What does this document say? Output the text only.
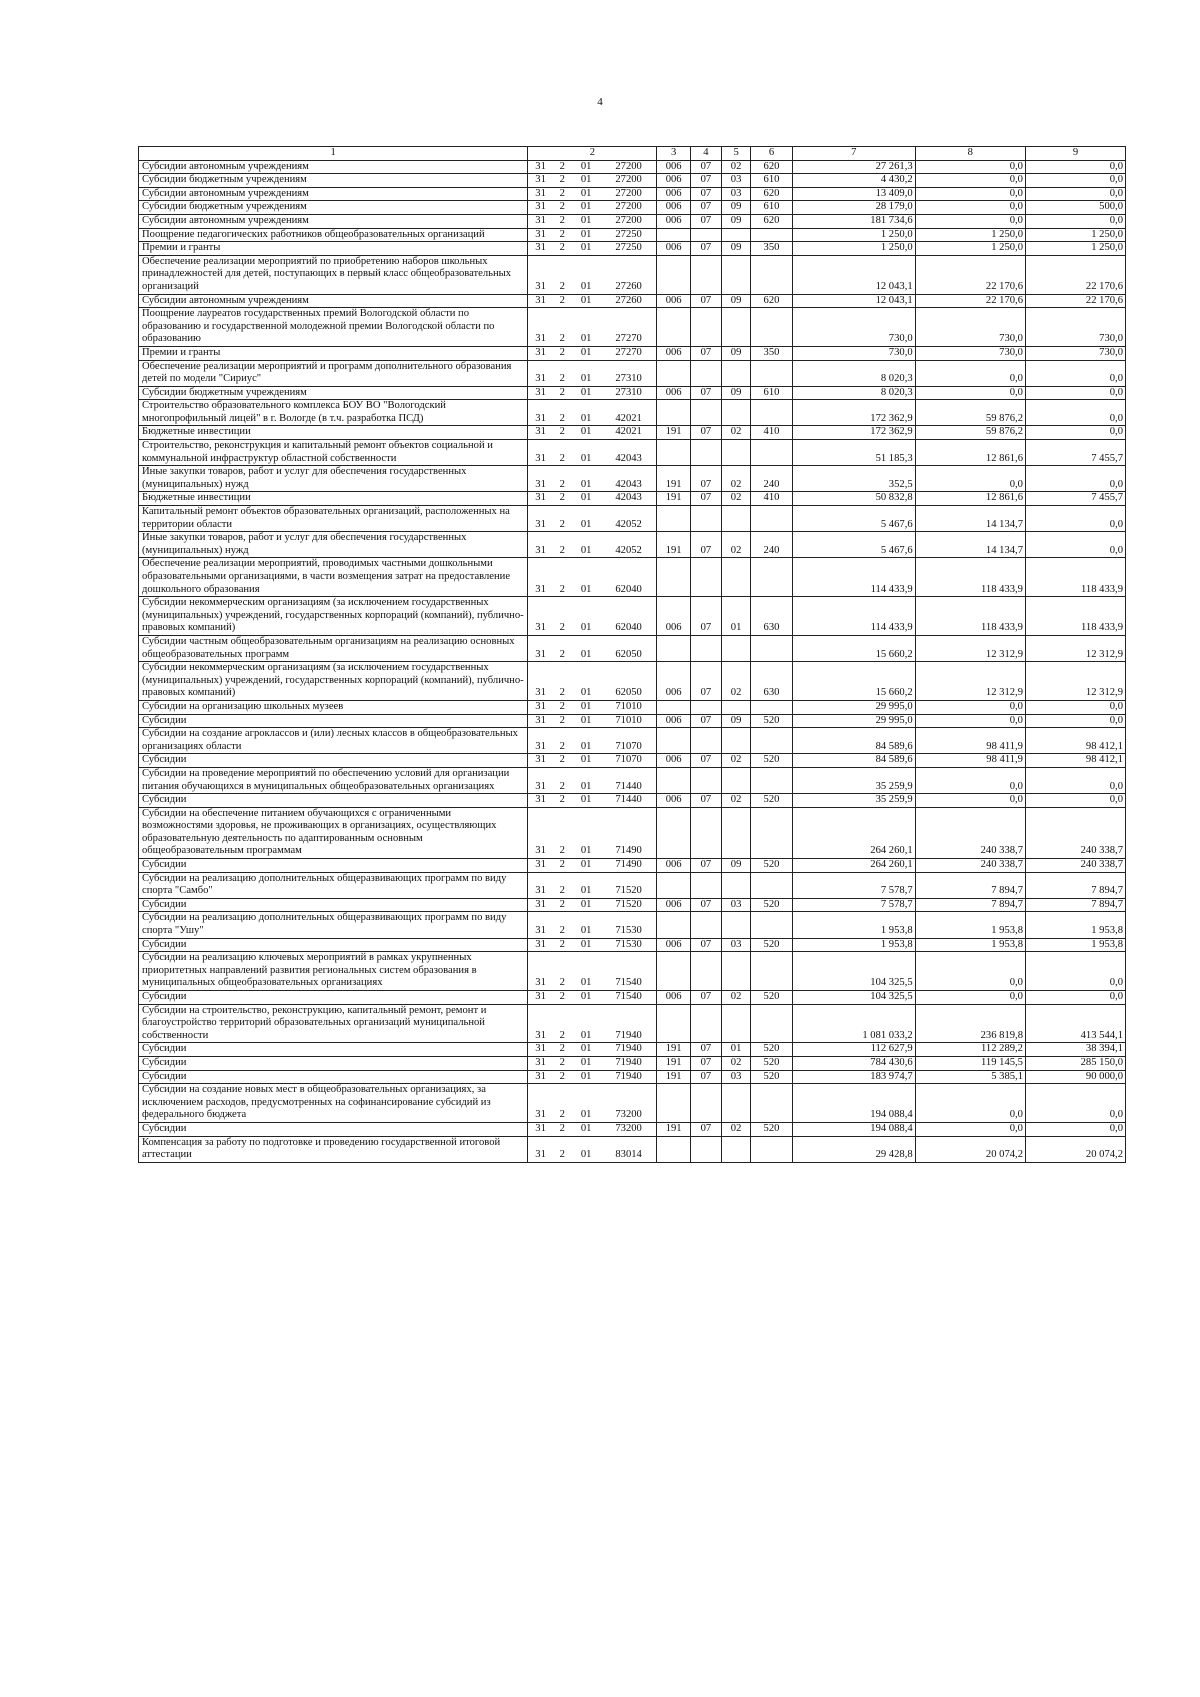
4
1	2				3	4	5	6	7	8	9
Субсидии автономным учреждениям	31	2	01	27200	006	07	02	620	27 261,3	0,0	0,0
Субсидии бюджетным учреждениям	31	2	01	27200	006	07	03	610	4 430,2	0,0	0,0
Субсидии автономным учреждениям	31	2	01	27200	006	07	03	620	13 409,0	0,0	0,0
Субсидии бюджетным учреждениям	31	2	01	27200	006	07	09	610	28 179,0	0,0	500,0
Субсидии автономным учреждениям	31	2	01	27200	006	07	09	620	181 734,6	0,0	0,0
Поощрение педагогических работников общеобразовательных организаций	31	2	01	27250					1 250,0	1 250,0	1 250,0
Премии и гранты	31	2	01	27250	006	07	09	350	1 250,0	1 250,0	1 250,0
Обеспечение реализации мероприятий по приобретению наборов школьных принадлежностей для детей, поступающих в первый класс общеобразовательных организаций	31	2	01	27260					12 043,1	22 170,6	22 170,6
Субсидии автономным учреждениям	31	2	01	27260	006	07	09	620	12 043,1	22 170,6	22 170,6
Поощрение лауреатов государственных премий Вологодской области по образованию и государственной молодежной премии Вологодской области по образованию	31	2	01	27270					730,0	730,0	730,0
Премии и гранты	31	2	01	27270	006	07	09	350	730,0	730,0	730,0
Обеспечение реализации мероприятий и программ дополнительного образования детей по модели "Сириус"	31	2	01	27310					8 020,3	0,0	0,0
Субсидии бюджетным учреждениям	31	2	01	27310	006	07	09	610	8 020,3	0,0	0,0
Строительство образовательного комплекса БОУ ВО "Вологодский многопрофильный лицей" в г. Вологде (в т.ч. разработка ПСД)	31	2	01	42021					172 362,9	59 876,2	0,0
Бюджетные инвестиции	31	2	01	42021	191	07	02	410	172 362,9	59 876,2	0,0
Строительство, реконструкция и капитальный ремонт объектов социальной и коммунальной инфраструктур областной собственности	31	2	01	42043					51 185,3	12 861,6	7 455,7
Иные закупки товаров, работ и услуг для обеспечения государственных (муниципальных) нужд	31	2	01	42043	191	07	02	240	352,5	0,0	0,0
Бюджетные инвестиции	31	2	01	42043	191	07	02	410	50 832,8	12 861,6	7 455,7
Капитальный ремонт объектов образовательных организаций, расположенных на территории области	31	2	01	42052					5 467,6	14 134,7	0,0
Иные закупки товаров, работ и услуг для обеспечения государственных (муниципальных) нужд	31	2	01	42052	191	07	02	240	5 467,6	14 134,7	0,0
Обеспечение реализации мероприятий, проводимых частными дошкольными образовательными организациями, в части возмещения затрат на предоставление дошкольного образования	31	2	01	62040					114 433,9	118 433,9	118 433,9
Субсидии некоммерческим организациям (за исключением государственных (муниципальных) учреждений, государственных корпораций (компаний), публично-правовых компаний)	31	2	01	62040	006	07	01	630	114 433,9	118 433,9	118 433,9
Субсидии частным общеобразовательным организациям на реализацию основных общеобразовательных программ	31	2	01	62050					15 660,2	12 312,9	12 312,9
Субсидии некоммерческим организациям (за исключением государственных (муниципальных) учреждений, государственных корпораций (компаний), публично-правовых компаний)	31	2	01	62050	006	07	02	630	15 660,2	12 312,9	12 312,9
Субсидии на организацию школьных музеев	31	2	01	71010					29 995,0	0,0	0,0
Субсидии	31	2	01	71010	006	07	09	520	29 995,0	0,0	0,0
Субсидии на создание агроклассов и (или) лесных классов в общеобразовательных организациях области	31	2	01	71070					84 589,6	98 411,9	98 412,1
Субсидии	31	2	01	71070	006	07	02	520	84 589,6	98 411,9	98 412,1
Субсидии на проведение мероприятий по обеспечению условий для организации питания обучающихся в муниципальных общеобразовательных организациях	31	2	01	71440					35 259,9	0,0	0,0
Субсидии	31	2	01	71440	006	07	02	520	35 259,9	0,0	0,0
Субсидии на обеспечение питанием обучающихся с ограниченными возможностями здоровья, не проживающих в организациях, осуществляющих образовательную деятельность по адаптированным основным общеобразовательным программам	31	2	01	71490					264 260,1	240 338,7	240 338,7
Субсидии	31	2	01	71490	006	07	09	520	264 260,1	240 338,7	240 338,7
Субсидии на реализацию дополнительных общеразвивающих программ по виду спорта "Самбо"	31	2	01	71520					7 578,7	7 894,7	7 894,7
Субсидии	31	2	01	71520	006	07	03	520	7 578,7	7 894,7	7 894,7
Субсидии на реализацию дополнительных общеразвивающих программ по виду спорта "Ушу"	31	2	01	71530					1 953,8	1 953,8	1 953,8
Субсидии	31	2	01	71530	006	07	03	520	1 953,8	1 953,8	1 953,8
Субсидии на реализацию ключевых мероприятий в рамках укрупненных приоритетных направлений развития региональных систем образования в муниципальных общеобразовательных организациях	31	2	01	71540					104 325,5	0,0	0,0
Субсидии	31	2	01	71540	006	07	02	520	104 325,5	0,0	0,0
Субсидии на строительство, реконструкцию, капитальный ремонт, ремонт и благоустройство территорий образовательных организаций муниципальной собственности	31	2	01	71940					1 081 033,2	236 819,8	413 544,1
Субсидии	31	2	01	71940	191	07	01	520	112 627,9	112 289,2	38 394,1
Субсидии	31	2	01	71940	191	07	02	520	784 430,6	119 145,5	285 150,0
Субсидии	31	2	01	71940	191	07	03	520	183 974,7	5 385,1	90 000,0
Субсидии на создание новых мест в общеобразовательных организациях, за исключением расходов, предусмотренных на софинансирование субсидий из федерального бюджета	31	2	01	73200					194 088,4	0,0	0,0
Субсидии	31	2	01	73200	191	07	02	520	194 088,4	0,0	0,0
Компенсация за работу по подготовке и проведению государственной итоговой аттестации	31	2	01	83014					29 428,8	20 074,2	20 074,2
